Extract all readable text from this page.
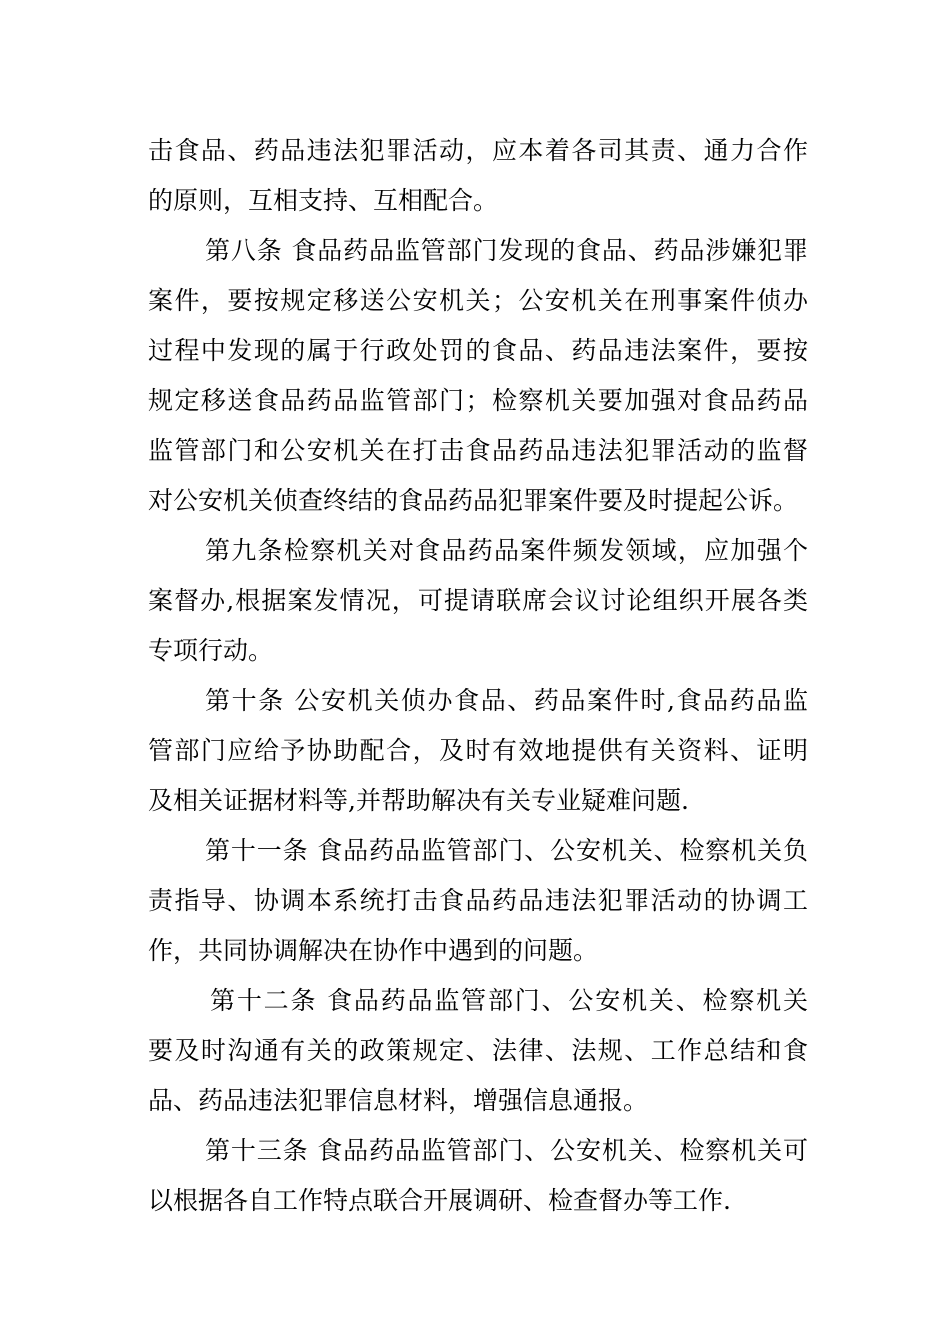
击食品、药品违法犯罪活动，应本着各司其责、通力合作
的原则，互相支持、互相配合。
第八条 食品药品监管部门发现的食品、药品涉嫌犯罪
案件，要按规定移送公安机关；公安机关在刑事案件侦办
过程中发现的属于行政处罚的食品、药品违法案件，要按
规定移送食品药品监管部门；检察机关要加强对食品药品
监管部门和公安机关在打击食品药品违法犯罪活动的监督
对公安机关侦查终结的食品药品犯罪案件要及时提起公诉。
第九条检察机关对食品药品案件频发领域，应加强个
案督办,根据案发情况，可提请联席会议讨论组织开展各类
专项行动。
第十条 公安机关侦办食品、药品案件时,食品药品监
管部门应给予协助配合，及时有效地提供有关资料、证明
及相关证据材料等,并帮助解决有关专业疑难问题.
第十一条 食品药品监管部门、公安机关、检察机关负
责指导、协调本系统打击食品药品违法犯罪活动的协调工
作，共同协调解决在协作中遇到的问题。
第十二条 食品药品监管部门、公安机关、检察机关
要及时沟通有关的政策规定、法律、法规、工作总结和食
品、药品违法犯罪信息材料，增强信息通报。
第十三条 食品药品监管部门、公安机关、检察机关可
以根据各自工作特点联合开展调研、检查督办等工作.
